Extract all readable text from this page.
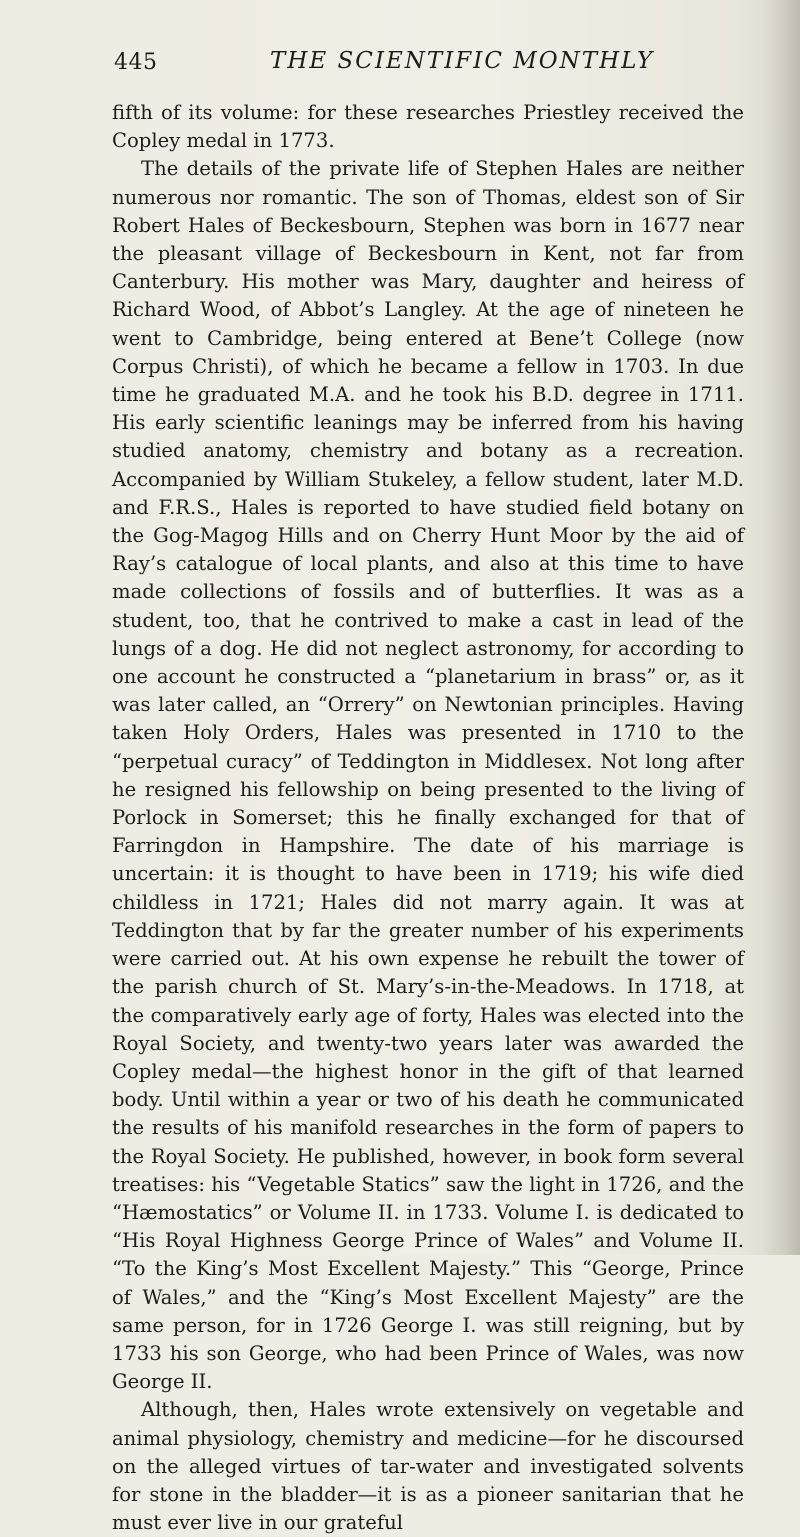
445	THE SCIENTIFIC MONTHLY

fifth of its volume: for these researches Priestley received the Copley medal in 1773.

The details of the private life of Stephen Hales are neither numerous nor romantic. The son of Thomas, eldest son of Sir Robert Hales of Beckesbourn, Stephen was born in 1677 near the pleasant village of Beckesbourn in Kent, not far from Canterbury. His mother was Mary, daughter and heiress of Richard Wood, of Abbot’s Langley. At the age of nineteen he went to Cambridge, being entered at Bene’t College (now Corpus Christi), of which he became a fellow in 1703. In due time he graduated M.A. and he took his B.D. degree in 1711. His early scientific leanings may be inferred from his having studied anatomy, chemistry and botany as a recreation. Accompanied by William Stukeley, a fellow student, later M.D. and F.R.S., Hales is reported to have studied field botany on the Gog-Magog Hills and on Cherry Hunt Moor by the aid of Ray’s catalogue of local plants, and also at this time to have made collections of fossils and of butterflies. It was as a student, too, that he contrived to make a cast in lead of the lungs of a dog. He did not neglect astronomy, for according to one account he constructed a “planetarium in brass” or, as it was later called, an “Orrery” on Newtonian principles. Having taken Holy Orders, Hales was presented in 1710 to the “perpetual curacy” of Teddington in Middlesex. Not long after he resigned his fellowship on being presented to the living of Porlock in Somerset; this he finally exchanged for that of Farringdon in Hampshire. The date of his marriage is uncertain: it is thought to have been in 1719; his wife died childless in 1721; Hales did not marry again. It was at Teddington that by far the greater number of his experiments were carried out. At his own expense he rebuilt the tower of the parish church of St. Mary’s-in-the-Meadows. In 1718, at the comparatively early age of forty, Hales was elected into the Royal Society, and twenty-two years later was awarded the Copley medal—the highest honor in the gift of that learned body. Until within a year or two of his death he communicated the results of his manifold researches in the form of papers to the Royal Society. He published, however, in book form several treatises: his “Vegetable Statics” saw the light in 1726, and the “Hæmostatics” or Volume II. in 1733. Volume I. is dedicated to “His Royal Highness George Prince of Wales” and Volume II. “To the King’s Most Excellent Majesty.” This “George, Prince of Wales,” and the “King’s Most Excellent Majesty” are the same person, for in 1726 George I. was still reigning, but by 1733 his son George, who had been Prince of Wales, was now George II.

Although, then, Hales wrote extensively on vegetable and animal physiology, chemistry and medicine—for he discoursed on the alleged virtues of tar-water and investigated solvents for stone in the bladder—it is as a pioneer sanitarian that he must ever live in our grateful
